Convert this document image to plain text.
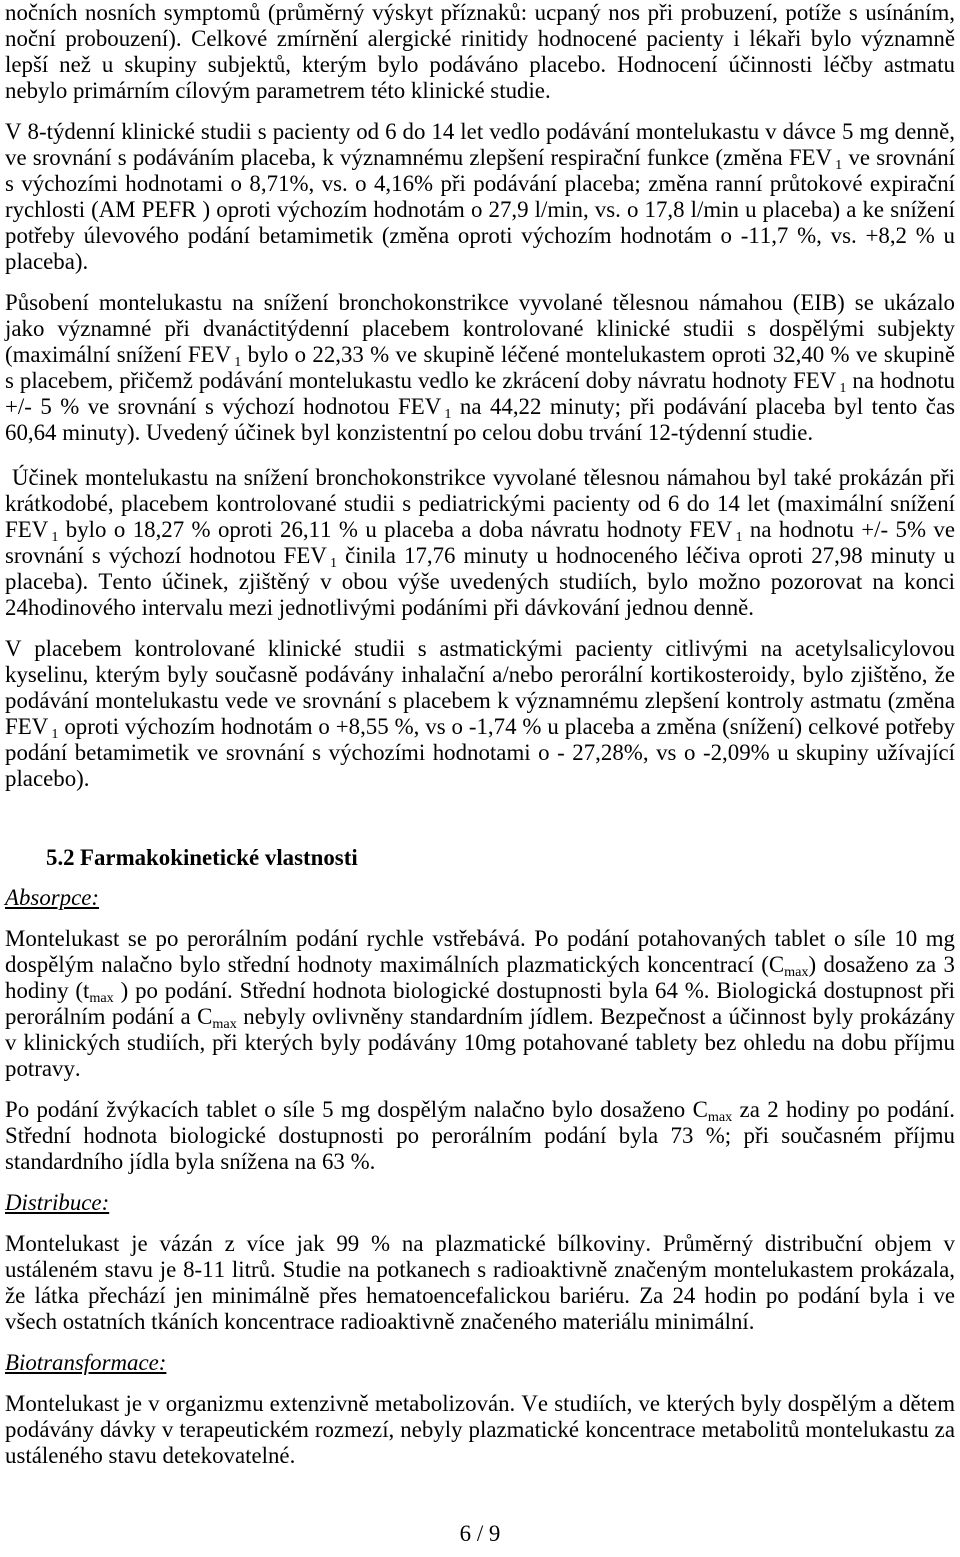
nočních nosních symptomů (průměrný výskyt příznaků: ucpaný nos při probuzení, potíže s usínáním, noční probouzení). Celkové zmírnění alergické rinitidy hodnocené pacienty i lékaři bylo významně lepší než u skupiny subjektů, kterým bylo podáváno placebo. Hodnocení účinnosti léčby astmatu nebylo primárním cílovým parametrem této klinické studie.

V 8-týdenní klinické studii s pacienty od 6 do 14 let vedlo podávání montelukastu v dávce 5 mg denně, ve srovnání s podáváním placeba, k významnému zlepšení respirační funkce (změna FEV $_1$ ve srovnání s výchozími hodnotami o 8,71%, vs. o 4,16% při podávání placeba; změna ranní průtokové expirační rychlosti (AM PEFR ) oproti výchozím hodnotám o 27,9 l/min, vs. o 17,8 l/min u placeba) a ke snížení potřeby úlevového podání betamimetik (změna oproti výchozím hodnotám o -11,7 %, vs. +8,2 % u placeba).

Působení montelukastu na snížení bronchokonstrikce vyvolané tělesnou námahou (EIB) se ukázalo jako významné při dvanáctitýdenní placebem kontrolované klinické studii s dospělými subjekty (maximální snížení FEV $_1$ bylo o 22,33 % ve skupině léčené montelukastem oproti 32,40 % ve skupině s placebem, přičemž podávání montelukastu vedlo ke zkrácení doby návratu hodnoty FEV $_1$ na hodnotu +/- 5 % ve srovnání s výchozí hodnotou FEV $_1$ na 44,22 minuty; při podávání placeba byl tento čas 60,64 minuty). Uvedený účinek byl konzistentní po celou dobu trvání 12-týdenní studie.

Účinek montelukastu na snížení bronchokonstrikce vyvolané tělesnou námahou byl také prokázán při krátkodobé, placebem kontrolované studii s pediatrickými pacienty od 6 do 14 let (maximální snížení FEV $_1$ bylo o 18,27 % oproti 26,11 % u placeba a doba návratu hodnoty FEV $_1$ na hodnotu +/- 5% ve srovnání s výchozí hodnotou FEV $_1$ činila 17,76 minuty u hodnoceného léčiva oproti 27,98 minuty u placeba). Tento účinek, zjištěný v obou výše uvedených studiích, bylo možno pozorovat na konci 24hodinového intervalu mezi jednotlivými podáními při dávkování jednou denně.

V placebem kontrolované klinické studii s astmatickými pacienty citlivými na acetylsalicylovou kyselinu, kterým byly současně podávány inhalační a/nebo perorální kortikosteroidy, bylo zjištěno, že podávání montelukastu vede ve srovnání s placebem k významnému zlepšení kontroly astmatu (změna FEV $_1$ oproti výchozím hodnotám o +8,55 %, vs o -1,74 % u placeba a změna (snížení) celkové potřeby podání betamimetik ve srovnání s výchozími hodnotami o - 27,28%, vs o -2,09% u skupiny užívající placebo).

5.2 Farmakokinetické vlastnosti

Absorpce:

Montelukast se po perorálním podání rychle vstřebává. Po podání potahovaných tablet o síle 10 mg dospělým nalačno bylo střední hodnoty maximálních plazmatických koncentrací $(C_{max})$ dosaženo za 3 hodiny ($t_{max}$ ) po podání. Střední hodnota biologické dostupnosti byla 64 %. Biologická dostupnost při perorálním podání a $C_{max}$ nebyly ovlivněny standardním jídlem. Bezpečnost a účinnost byly prokázány v klinických studiích, při kterých byly podávány 10mg potahované tablety bez ohledu na dobu příjmu potravy.

Po podání žvýkacích tablet o síle 5 mg dospělým nalačno bylo dosaženo $C_{max}$ za 2 hodiny po podání. Střední hodnota biologické dostupnosti po perorálním podání byla 73 %; při současném příjmu standardního jídla byla snížena na 63 %.

Distribuce:

Montelukast je vázán z více jak 99 % na plazmatické bílkoviny. Průměrný distribuční objem v ustáleném stavu je 8-11 litrů. Studie na potkanech s radioaktivně značeným montelukastem prokázala, že látka přechází jen minimálně přes hematoencefalickou bariéru. Za 24 hodin po podání byla i ve všech ostatních tkáních koncentrace radioaktivně značeného materiálu minimální.

Biotransformace:

Montelukast je v organizmu extenzivně metabolizován. Ve studiích, ve kterých byly dospělým a dětem podávány dávky v terapeutickém rozmezí, nebyly plazmatické koncentrace metabolitů montelukastu za ustáleného stavu detekovatelné.

6 / 9
